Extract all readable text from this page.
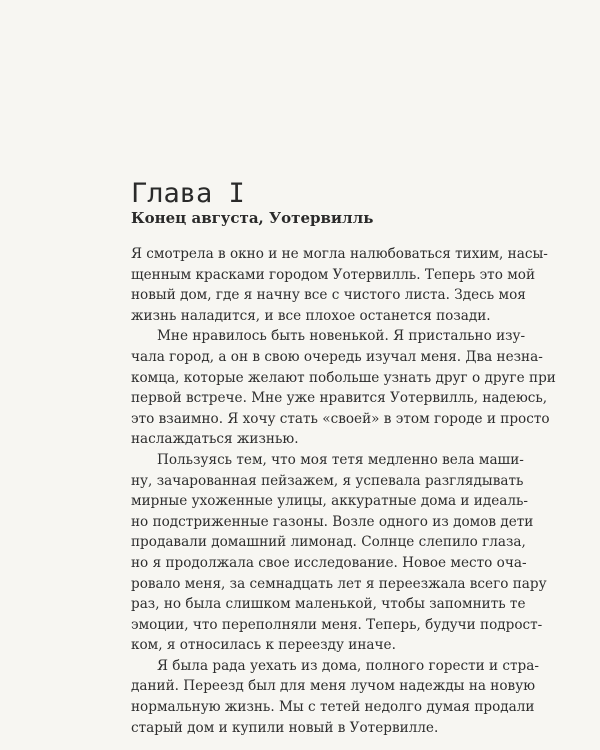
Глава I
Конец августа, Уотервилль

Я смотрела в окно и не могла налюбоваться тихим, насы-
щенным красками городом Уотервилль. Теперь это мой
новый дом, где я начну все с чистого листа. Здесь моя
жизнь наладится, и все плохое останется позади.

Мне нравилось быть новенькой. Я пристально изу-
чала город, а он в свою очередь изучал меня. Два незна-
комца, которые желают побольше узнать друг о друге при
первой встрече. Мне уже нравится Уотервилль, надеюсь,
это взаимно. Я хочу стать «своей» в этом городе и просто
наслаждаться жизнью.

Пользуясь тем, что моя тетя медленно вела маши-
ну, зачарованная пейзажем, я успевала разглядывать
мирные ухоженные улицы, аккуратные дома и идеаль-
но подстриженные газоны. Возле одного из домов дети
продавали домашний лимонад. Солнце слепило глаза,
но я продолжала свое исследование. Новое место оча-
ровало меня, за семнадцать лет я переезжала всего пару
раз, но была слишком маленькой, чтобы запомнить те
эмоции, что переполняли меня. Теперь, будучи подрост-
ком, я относилась к переезду иначе.

Я была рада уехать из дома, полного горести и стра-
даний. Переезд был для меня лучом надежды на новую
нормальную жизнь. Мы с тетей недолго думая продали
старый дом и купили новый в Уотервилле.
